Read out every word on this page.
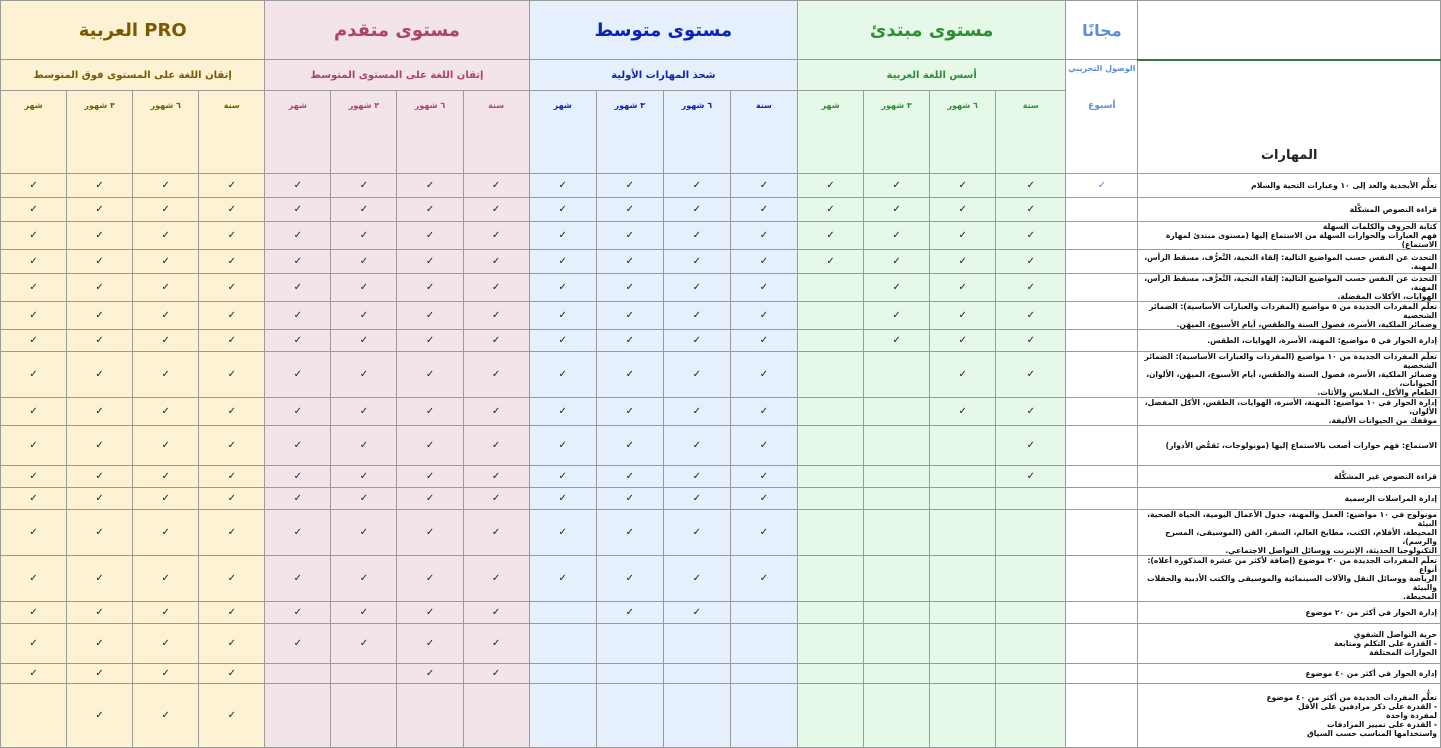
العربية PRO				مستوى متقدم				مستوى متوسط				مستوى مبتدئ				مجانًا	
إتقان اللغة على المستوى فوق المتوسط				إتقان اللغة على المستوى المتوسط				شحذ المهارات الأولية				أسس اللغة العربية				الوصول التجريبي
أسبوع	المهارات
شهر	٣ شهور	٦ شهور	سنة	شهر	٣ شهور	٦ شهور	سنة	شهر	٣ شهور	٦ شهور	سنة	شهر	٣ شهور	٦ شهور	سنة		
✓	✓	✓	✓	✓	✓	✓	✓	✓	✓	✓	✓	✓	✓	✓	✓	✓	تعلُّم الأبجدية والعد إلى ١٠ وعبارات التحية والسلام
✓	✓	✓	✓	✓	✓	✓	✓	✓	✓	✓	✓	✓	✓	✓	✓		قراءة النصوص المشكَّلة
✓	✓	✓	✓	✓	✓	✓	✓	✓	✓	✓	✓	✓	✓	✓	✓		كتابة الحروف والكلمات السهلة
فهم العبارات والحوارات السهلة من الاستماع إليها (مستوى مبتدئ لمهارة الاستماع)
✓	✓	✓	✓	✓	✓	✓	✓	✓	✓	✓	✓	✓	✓	✓	✓		التحدث عن النفس حسب المواضيع التالية: إلقاء التحية، التَّعرُّف، مسقط الرأس، المهنة.
✓	✓	✓	✓	✓	✓	✓	✓	✓	✓	✓	✓		✓	✓	✓		التحدث عن النفس حسب المواضيع التالية: إلقاء التحية، التَّعرُّف، مسقط الرأس، المهنة،
الهوايات، الأكلات المفضلة.
✓	✓	✓	✓	✓	✓	✓	✓	✓	✓	✓	✓		✓	✓	✓		تعلُّم المفردات الجديدة من ٥ مواضيع (المفردات والعبارات الأساسية): الضمائر الشخصية
وضمائر الملكية، الأسرة، فصول السنة والطقس، أيام الأسبوع، الميهَن.
✓	✓	✓	✓	✓	✓	✓	✓	✓	✓	✓	✓		✓	✓	✓		إدارة الحوار في ٥ مواضيع: المهنة، الأسرة، الهوايات، الطقس.
✓	✓	✓	✓	✓	✓	✓	✓	✓	✓	✓	✓			✓	✓		تعلُّم المفردات الجديدة من ١٠ مواضيع (المفردات والعبارات الأساسية): الضمائر الشخصية
وضمائر الملكية، الأسرة، فصول السنة والطقس، أيام الأسبوع، الميهَن، الألوان، الحيوانات،
الطعام والأكل، الملابس والأثاث.
✓	✓	✓	✓	✓	✓	✓	✓	✓	✓	✓	✓			✓	✓		إدارة الحوار في ١٠ مواضيع: المهنة، الأسرة، الهوايات، الطقس، الأكل المفضل، الألوان،
موقفك من الحيوانات الأليفة.
✓	✓	✓	✓	✓	✓	✓	✓	✓	✓	✓	✓				✓		الاستماع: فهم حوارات أصعب بالاستماع إليها (مونولوجات، تَقمُّص الأدوار)
✓	✓	✓	✓	✓	✓	✓	✓	✓	✓	✓	✓				✓		قراءة النصوص غير المشكَّلة
✓	✓	✓	✓	✓	✓	✓	✓	✓	✓	✓	✓						إدارة المراسلات الرسمية
✓	✓	✓	✓	✓	✓	✓	✓	✓	✓	✓	✓						مونولوج في ١٠ مواضيع: العمل والمهنة، جدول الأعمال اليومية، الحياة الصحية، البيئة
المحيطة، الأفلام، الكتب، مطابخ العالم، السفر، الفن (الموسيقى، المسرح والرسم)،
التكنولوجيا الحديثة، الإنترنت ووسائل التواصل الاجتماعي.
✓	✓	✓	✓	✓	✓	✓	✓	✓	✓	✓	✓						تعلُّم المفردات الجديدة من ٢٠ موضوع (إضافة لأكثر من عشرة المذكورة أعلاه): أنواع
الرياضة ووسائل النقل والآلات السينمائية والموسيقى والكتب الأدبية والحفلات والبيئة
المحيطة.
✓	✓	✓	✓	✓	✓	✓	✓		✓	✓							إدارة الحوار في أكثر من ٢٠ موضوع
✓	✓	✓	✓	✓	✓	✓	✓										حرية التواصل الشفوي
- القدرة على التكلم ومتابعة
الحوارات المختلفة
✓	✓	✓	✓			✓	✓										إدارة الحوار في أكثر من ٤٠ موضوع
	✓	✓	✓														تعلُّم المفردات الجديدة من أكثر من ٤٠ موضوع
- القدرة على ذكر مرادفين على الأقل
لمفردة واحدة
- القدرة على تمييز المرادفات
واستخدامها المناسب حسب السياق
